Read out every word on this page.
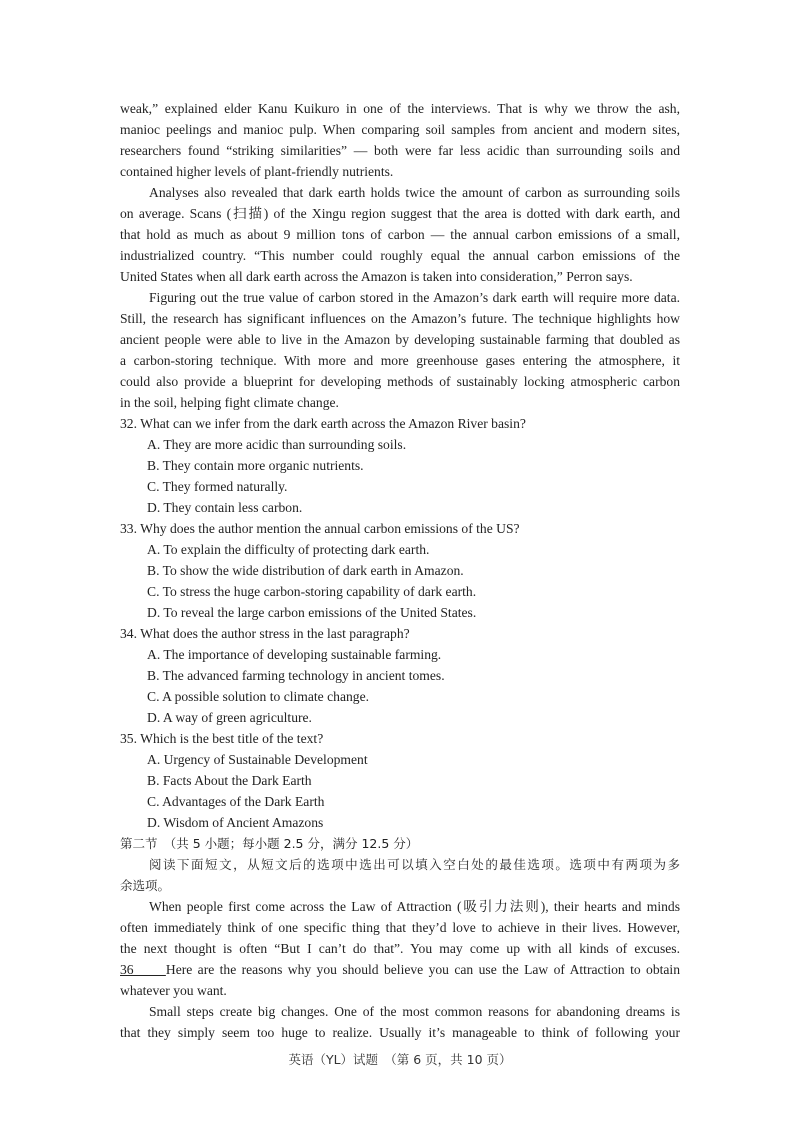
weak,” explained elder Kanu Kuikuro in one of the interviews. That is why we throw the ash,
manioc peelings and manioc pulp. When comparing soil samples from ancient and modern sites,
researchers found “striking similarities” — both were far less acidic than surrounding soils and
contained higher levels of plant-friendly nutrients.
Analyses also revealed that dark earth holds twice the amount of carbon as surrounding soils
on average. Scans (扫描) of the Xingu region suggest that the area is dotted with dark earth, and
that hold as much as about 9 million tons of carbon — the annual carbon emissions of a small,
industrialized country. “This number could roughly equal the annual carbon emissions of the
United States when all dark earth across the Amazon is taken into consideration,” Perron says.
Figuring out the true value of carbon stored in the Amazon’s dark earth will require more data.
Still, the research has significant influences on the Amazon’s future. The technique highlights how
ancient people were able to live in the Amazon by developing sustainable farming that doubled as
a carbon-storing technique. With more and more greenhouse gases entering the atmosphere, it
could also provide a blueprint for developing methods of sustainably locking atmospheric carbon
in the soil, helping fight climate change.
32. What can we infer from the dark earth across the Amazon River basin?
A. They are more acidic than surrounding soils.
B. They contain more organic nutrients.
C. They formed naturally.
D. They contain less carbon.
33. Why does the author mention the annual carbon emissions of the US?
A. To explain the difficulty of protecting dark earth.
B. To show the wide distribution of dark earth in Amazon.
C. To stress the huge carbon-storing capability of dark earth.
D. To reveal the large carbon emissions of the United States.
34. What does the author stress in the last paragraph?
A. The importance of developing sustainable farming.
B. The advanced farming technology in ancient tomes.
C. A possible solution to climate change.
D. A way of green agriculture.
35. Which is the best title of the text?
A. Urgency of Sustainable Development
B. Facts About the Dark Earth
C. Advantages of the Dark Earth
D. Wisdom of Ancient Amazons
第二节　（共 5 小题；每小题 2.5 分，满分 12.5 分）
阅读下面短文，从短文后的选项中选出可以填入空白处的最佳选项。选项中有两项为多
余选项。
When people first come across the Law of Attraction (吸引力法则), their hearts and minds
often immediately think of one specific thing that they’d love to achieve in their lives. However,
the next thought is often “But I can’t do that”. You may come up with all kinds of excuses.
36      Here are the reasons why you should believe you can use the Law of Attraction to obtain
whatever you want.
Small steps create big changes. One of the most common reasons for abandoning dreams is
that they simply seem too huge to realize. Usually it’s manageable to think of following your
英语（YL）试题　（第 6 页，共 10 页）
